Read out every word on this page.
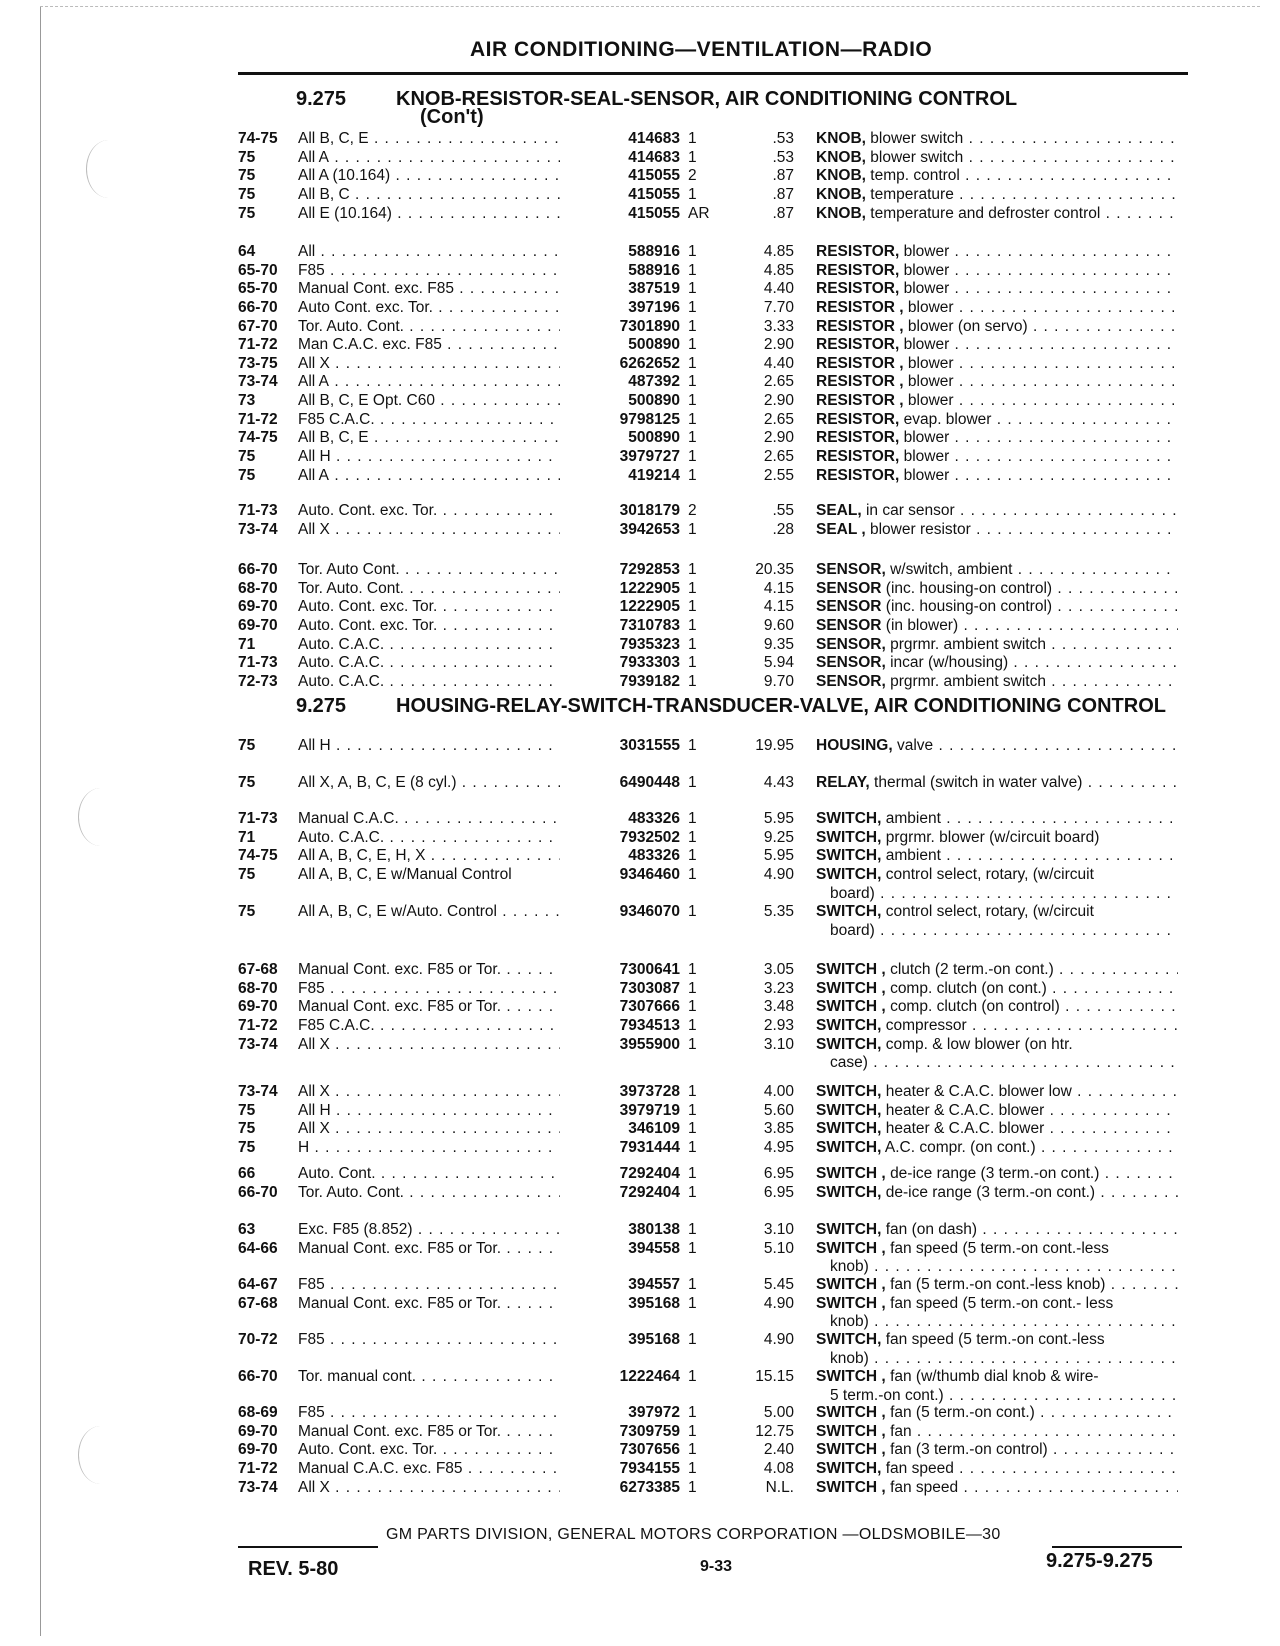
AIR CONDITIONING—VENTILATION—RADIO
9.275 KNOB-RESISTOR-SEAL-SENSOR, AIR CONDITIONING CONTROL
(Con't)
9.275 HOUSING-RELAY-SWITCH-TRANSDUCER-VALVE, AIR CONDITIONING CONTROL
74-75	All B, C, E . . .	414683 1	.53 KNOB, blower switch . . .
75	All A . . .	414683 1	.53 KNOB, blower switch . . .
75	All A (10.164) . . .	415055 2	.87 KNOB, temp. control . . .
75	All B, C . . .	415055 1	.87 KNOB, temperature . . .
75	All E (10.164) . . .	415055 AR	.87 KNOB, temperature and defroster control . . .
64	All . . .	588916 1	4.85 RESISTOR, blower . . .
65-70	F85 . . .	588916 1	4.85 RESISTOR, blower . . .
65-70	Manual Cont. exc. F85 . . .	387519 1	4.40 RESISTOR, blower . . .
66-70	Auto Cont. exc. Tor. . . .	397196 1	7.70 RESISTOR , blower . . .
67-70	Tor. Auto. Cont. . . .	7301890 1	3.33 RESISTOR , blower (on servo) . . .
71-72	Man C.A.C. exc. F85 . . .	500890 1	2.90 RESISTOR, blower . . .
73-75	All X . . .	6262652 1	4.40 RESISTOR , blower . . .
73-74	All A . . .	487392 1	2.65 RESISTOR , blower . . .
73	All B, C, E Opt. C60 . . .	500890 1	2.90 RESISTOR , blower . . .
71-72	F85 C.A.C. . . .	9798125 1	2.65 RESISTOR, evap. blower . . .
74-75	All B, C, E . . .	500890 1	2.90 RESISTOR, blower . . .
75	All H . . .	3979727 1	2.65 RESISTOR, blower . . .
75	All A . . .	419214 1	2.55 RESISTOR, blower . . .
71-73	Auto. Cont. exc. Tor. . . .	3018179 2	.55 SEAL, in car sensor . . .
73-74	All X . . .	3942653 1	.28 SEAL , blower resistor . . .
66-70	Tor. Auto Cont. . . .	7292853 1	20.35 SENSOR, w/switch, ambient . . .
68-70	Tor. Auto. Cont. . . .	1222905 1	4.15 SENSOR (inc. housing-on control) . . .
69-70	Auto. Cont. exc. Tor. . . .	1222905 1	4.15 SENSOR (inc. housing-on control) . . .
69-70	Auto. Cont. exc. Tor. . . .	7310783 1	9.60 SENSOR (in blower) . . .
71	Auto. C.A.C. . . .	7935323 1	9.35 SENSOR, prgrmr. ambient switch . . .
71-73	Auto. C.A.C. . . .	7933303 1	5.94 SENSOR, incar (w/housing) . . .
72-73	Auto. C.A.C. . . .	7939182 1	9.70 SENSOR, prgrmr. ambient switch . . .
75	All H . . .	3031555 1	19.95 HOUSING, valve . . .
75	All X, A, B, C, E (8 cyl.) . . .	6490448 1	4.43 RELAY, thermal (switch in water valve) . . .
71-73	Manual C.A.C. . . .	483326 1	5.95 SWITCH, ambient . . .
71	Auto. C.A.C. . . .	7932502 1	9.25 SWITCH, prgrmr. blower (w/circuit board)
74-75	All A, B, C, E, H, X . . .	483326 1	5.95 SWITCH, ambient . . .
75	All A, B, C, E w/Manual Control	9346460 1	4.90 SWITCH, control select, rotary, (w/circuit
board) . . .
75	All A, B, C, E w/Auto. Control . . .	9346070 1	5.35 SWITCH, control select, rotary, (w/circuit
board) . . .
67-68	Manual Cont. exc. F85 or Tor. . . .	7300641 1	3.05 SWITCH , clutch (2 term.-on cont.) . . .
68-70	F85 . . .	7303087 1	3.23 SWITCH , comp. clutch (on cont.) . . .
69-70	Manual Cont. exc. F85 or Tor. . . .	7307666 1	3.48 SWITCH , comp. clutch (on control) . . .
71-72	F85 C.A.C. . . .	7934513 1	2.93 SWITCH, compressor . . .
73-74	All X . . .	3955900 1	3.10 SWITCH, comp. & low blower (on htr.
case) . . .
73-74	All X . . .	3973728 1	4.00 SWITCH, heater & C.A.C. blower low . . .
75	All H . . .	3979719 1	5.60 SWITCH, heater & C.A.C. blower . . .
75	All X . . .	346109 1	3.85 SWITCH, heater & C.A.C. blower . . .
75	H . . .	7931444 1	4.95 SWITCH, A.C. compr. (on cont.) . . .
66	Auto. Cont. . . .	7292404 1	6.95 SWITCH , de-ice range (3 term.-on cont.) . . .
66-70	Tor. Auto. Cont. . . .	7292404 1	6.95 SWITCH, de-ice range (3 term.-on cont.) . . .
63	Exc. F85 (8.852) . . .	380138 1	3.10 SWITCH, fan (on dash) . . .
64-66	Manual Cont. exc. F85 or Tor. . . .	394558 1	5.10 SWITCH , fan speed (5 term.-on cont.-less
knob) . . .
64-67	F85 . . .	394557 1	5.45 SWITCH , fan (5 term.-on cont.-less knob) . . .
67-68	Manual Cont. exc. F85 or Tor. . . .	395168 1	4.90 SWITCH , fan speed (5 term.-on cont.- less
knob) . . .
70-72	F85 . . .	395168 1	4.90 SWITCH, fan speed (5 term.-on cont.-less
knob) . . .
66-70	Tor. manual cont. . . .	1222464 1	15.15 SWITCH , fan (w/thumb dial knob & wire-
5 term.-on cont.) . . .
68-69	F85 . . .	397972 1	5.00 SWITCH , fan (5 term.-on cont.) . . .
69-70	Manual Cont. exc. F85 or Tor. . . .	7309759 1	12.75 SWITCH , fan . . .
69-70	Auto. Cont. exc. Tor. . . .	7307656 1	2.40 SWITCH , fan (3 term.-on control) . . .
71-72	Manual C.A.C. exc. F85 . . .	7934155 1	4.08 SWITCH, fan speed . . .
73-74	All X . . .	6273385 1	N.L. SWITCH , fan speed . . .
GM PARTS DIVISION, GENERAL MOTORS CORPORATION —OLDSMOBILE—30
REV. 5-80	9-33	9.275-9.275
